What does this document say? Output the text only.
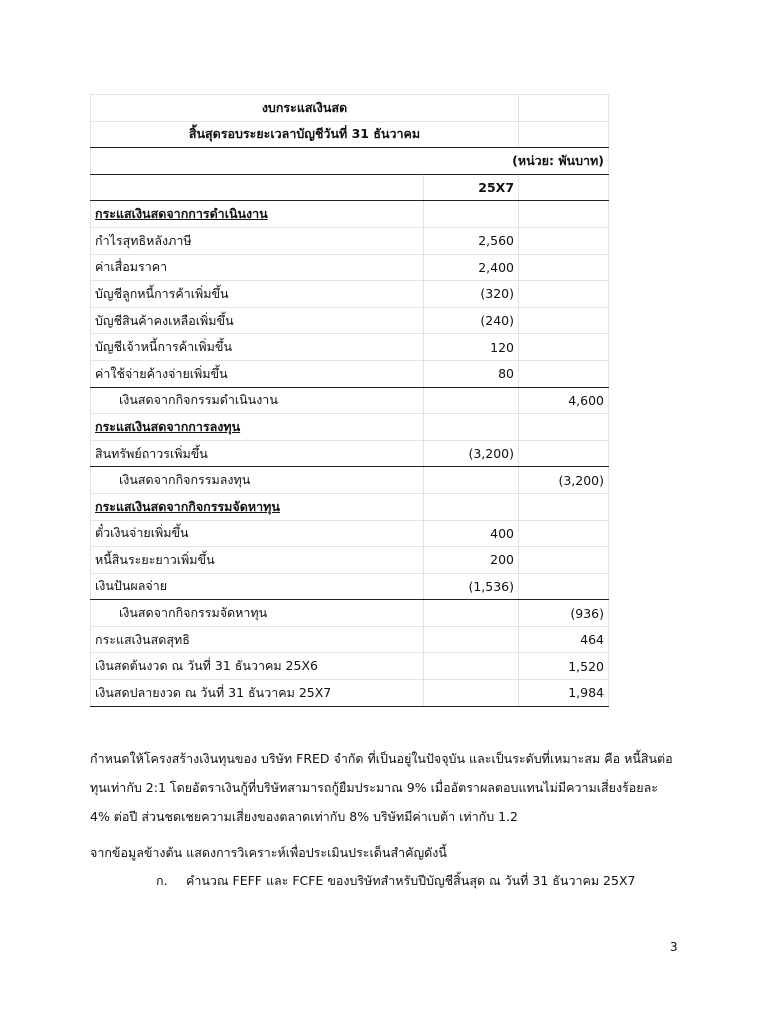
งบกระแสเงินสด		
สิ้นสุดรอบระยะเวลาบัญชีวันที่ 31 ธันวาคม		
(หน่วย: พันบาท)		
	25X7	
กระแสเงินสดจากการดำเนินงาน		
กำไรสุทธิหลังภาษี	2,560	
ค่าเสื่อมราคา	2,400	
บัญชีลูกหนี้การค้าเพิ่มขึ้น	(320)	
บัญชีสินค้าคงเหลือเพิ่มขึ้น	(240)	
บัญชีเจ้าหนี้การค้าเพิ่มขึ้น	120	
ค่าใช้จ่ายค้างจ่ายเพิ่มขึ้น	80	
เงินสดจากกิจกรรมดำเนินงาน		4,600
กระแสเงินสดจากการลงทุน		
สินทรัพย์ถาวรเพิ่มขึ้น	(3,200)	
เงินสดจากกิจกรรมลงทุน		(3,200)
กระแสเงินสดจากกิจกรรมจัดหาทุน		
ตั๋วเงินจ่ายเพิ่มขึ้น	400	
หนี้สินระยะยาวเพิ่มขึ้น	200	
เงินปันผลจ่าย	(1,536)	
เงินสดจากกิจกรรมจัดหาทุน		(936)
กระแสเงินสดสุทธิ		464
เงินสดต้นงวด ณ วันที่ 31 ธันวาคม 25X6		1,520
เงินสดปลายงวด ณ วันที่ 31 ธันวาคม 25X7		1,984
กำหนดให้โครงสร้างเงินทุนของ บริษัท FRED จำกัด ที่เป็นอยู่ในปัจจุบัน และเป็นระดับที่เหมาะสม คือ หนี้สินต่อ
ทุนเท่ากับ 2:1 โดยอัตราเงินกู้ที่บริษัทสามารถกู้ยืมประมาณ 9% เมื่ออัตราผลตอบแทนไม่มีความเสี่ยงร้อยละ
4% ต่อปี ส่วนชดเชยความเสี่ยงของตลาดเท่ากับ 8% บริษัทมีค่าเบต้า เท่ากับ 1.2
จากข้อมูลข้างต้น แสดงการวิเคราะห์เพื่อประเมินประเด็นสำคัญดังนี้
ก. คำนวณ FEFF และ FCFE ของบริษัทสำหรับปีบัญชีสิ้นสุด ณ วันที่ 31 ธันวาคม 25X7
3
